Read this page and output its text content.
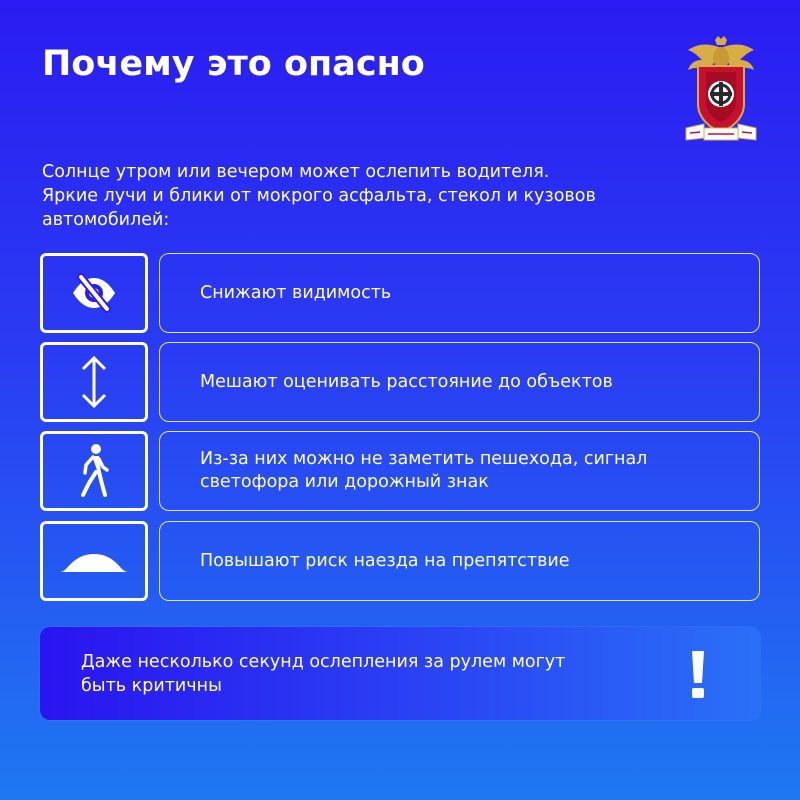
Почему это опасно

Солнце утром или вечером может ослепить водителя.
Яркие лучи и блики от мокрого асфальта, стекол и кузовов
автомобилей:

Снижают видимость
Мешают оценивать расстояние до объектов
Из-за них можно не заметить пешехода, сигнал
светофора или дорожный знак
Повышают риск наезда на препятствие
Даже несколько секунд ослепления за рулем могут
быть критичны
